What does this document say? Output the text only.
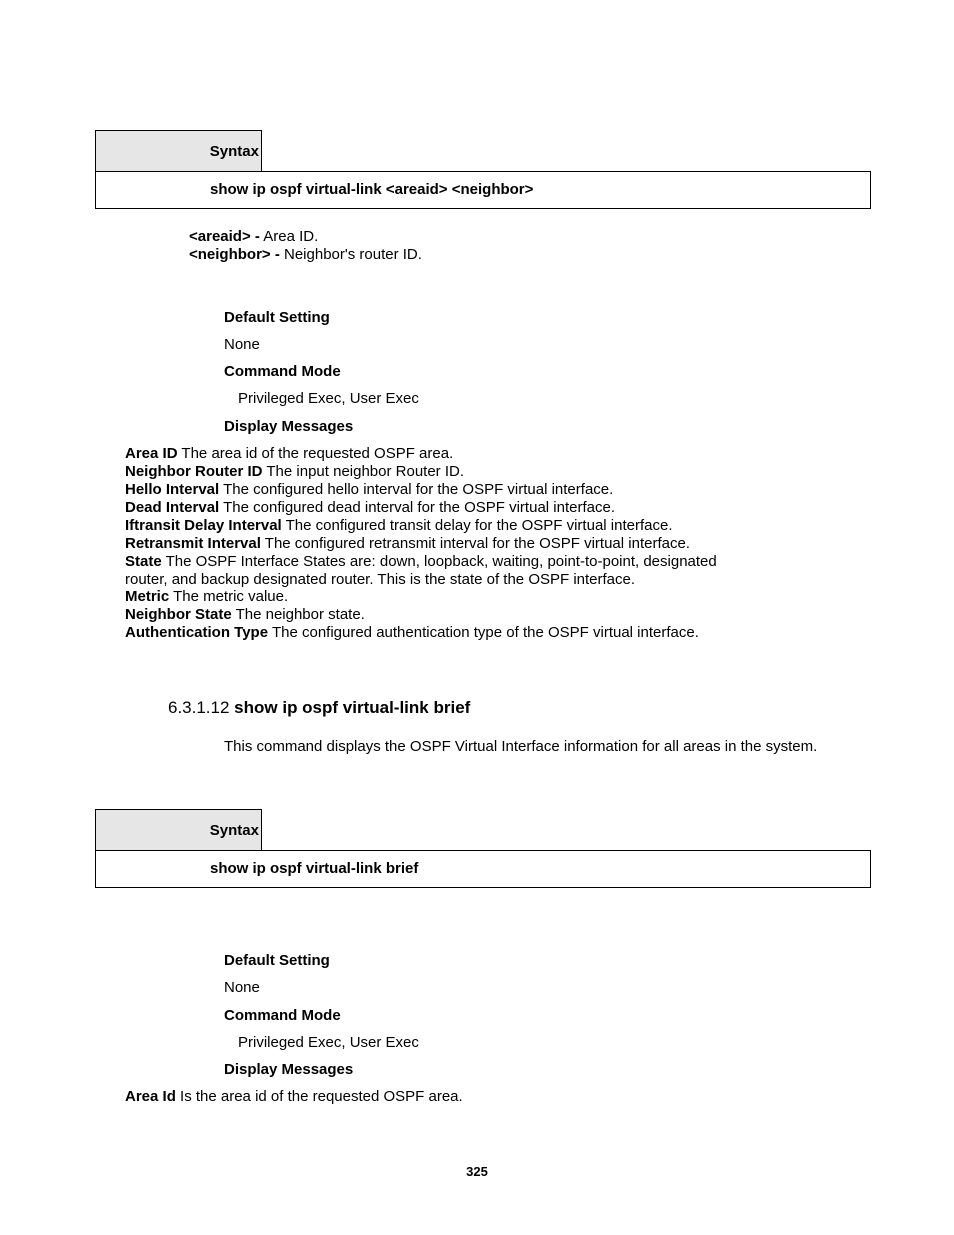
Syntax
show ip ospf virtual-link <areaid> <neighbor>
<areaid> - Area ID.
<neighbor> - Neighbor's router ID.
Default Setting
None
Command Mode
Privileged Exec, User Exec
Display Messages
Area ID The area id of the requested OSPF area.
Neighbor Router ID The input neighbor Router ID.
Hello Interval The configured hello interval for the OSPF virtual interface.
Dead Interval The configured dead interval for the OSPF virtual interface.
Iftransit Delay Interval The configured transit delay for the OSPF virtual interface.
Retransmit Interval The configured retransmit interval for the OSPF virtual interface.
State The OSPF Interface States are: down, loopback, waiting, point-to-point, designated
router, and backup designated router. This is the state of the OSPF interface.
Metric The metric value.
Neighbor State The neighbor state.
Authentication Type The configured authentication type of the OSPF virtual interface.
6.3.1.12 show ip ospf virtual-link brief
This command displays the OSPF Virtual Interface information for all areas in the system.
Syntax
show ip ospf virtual-link brief
Default Setting
None
Command Mode
Privileged Exec, User Exec
Display Messages
Area Id Is the area id of the requested OSPF area.
325
